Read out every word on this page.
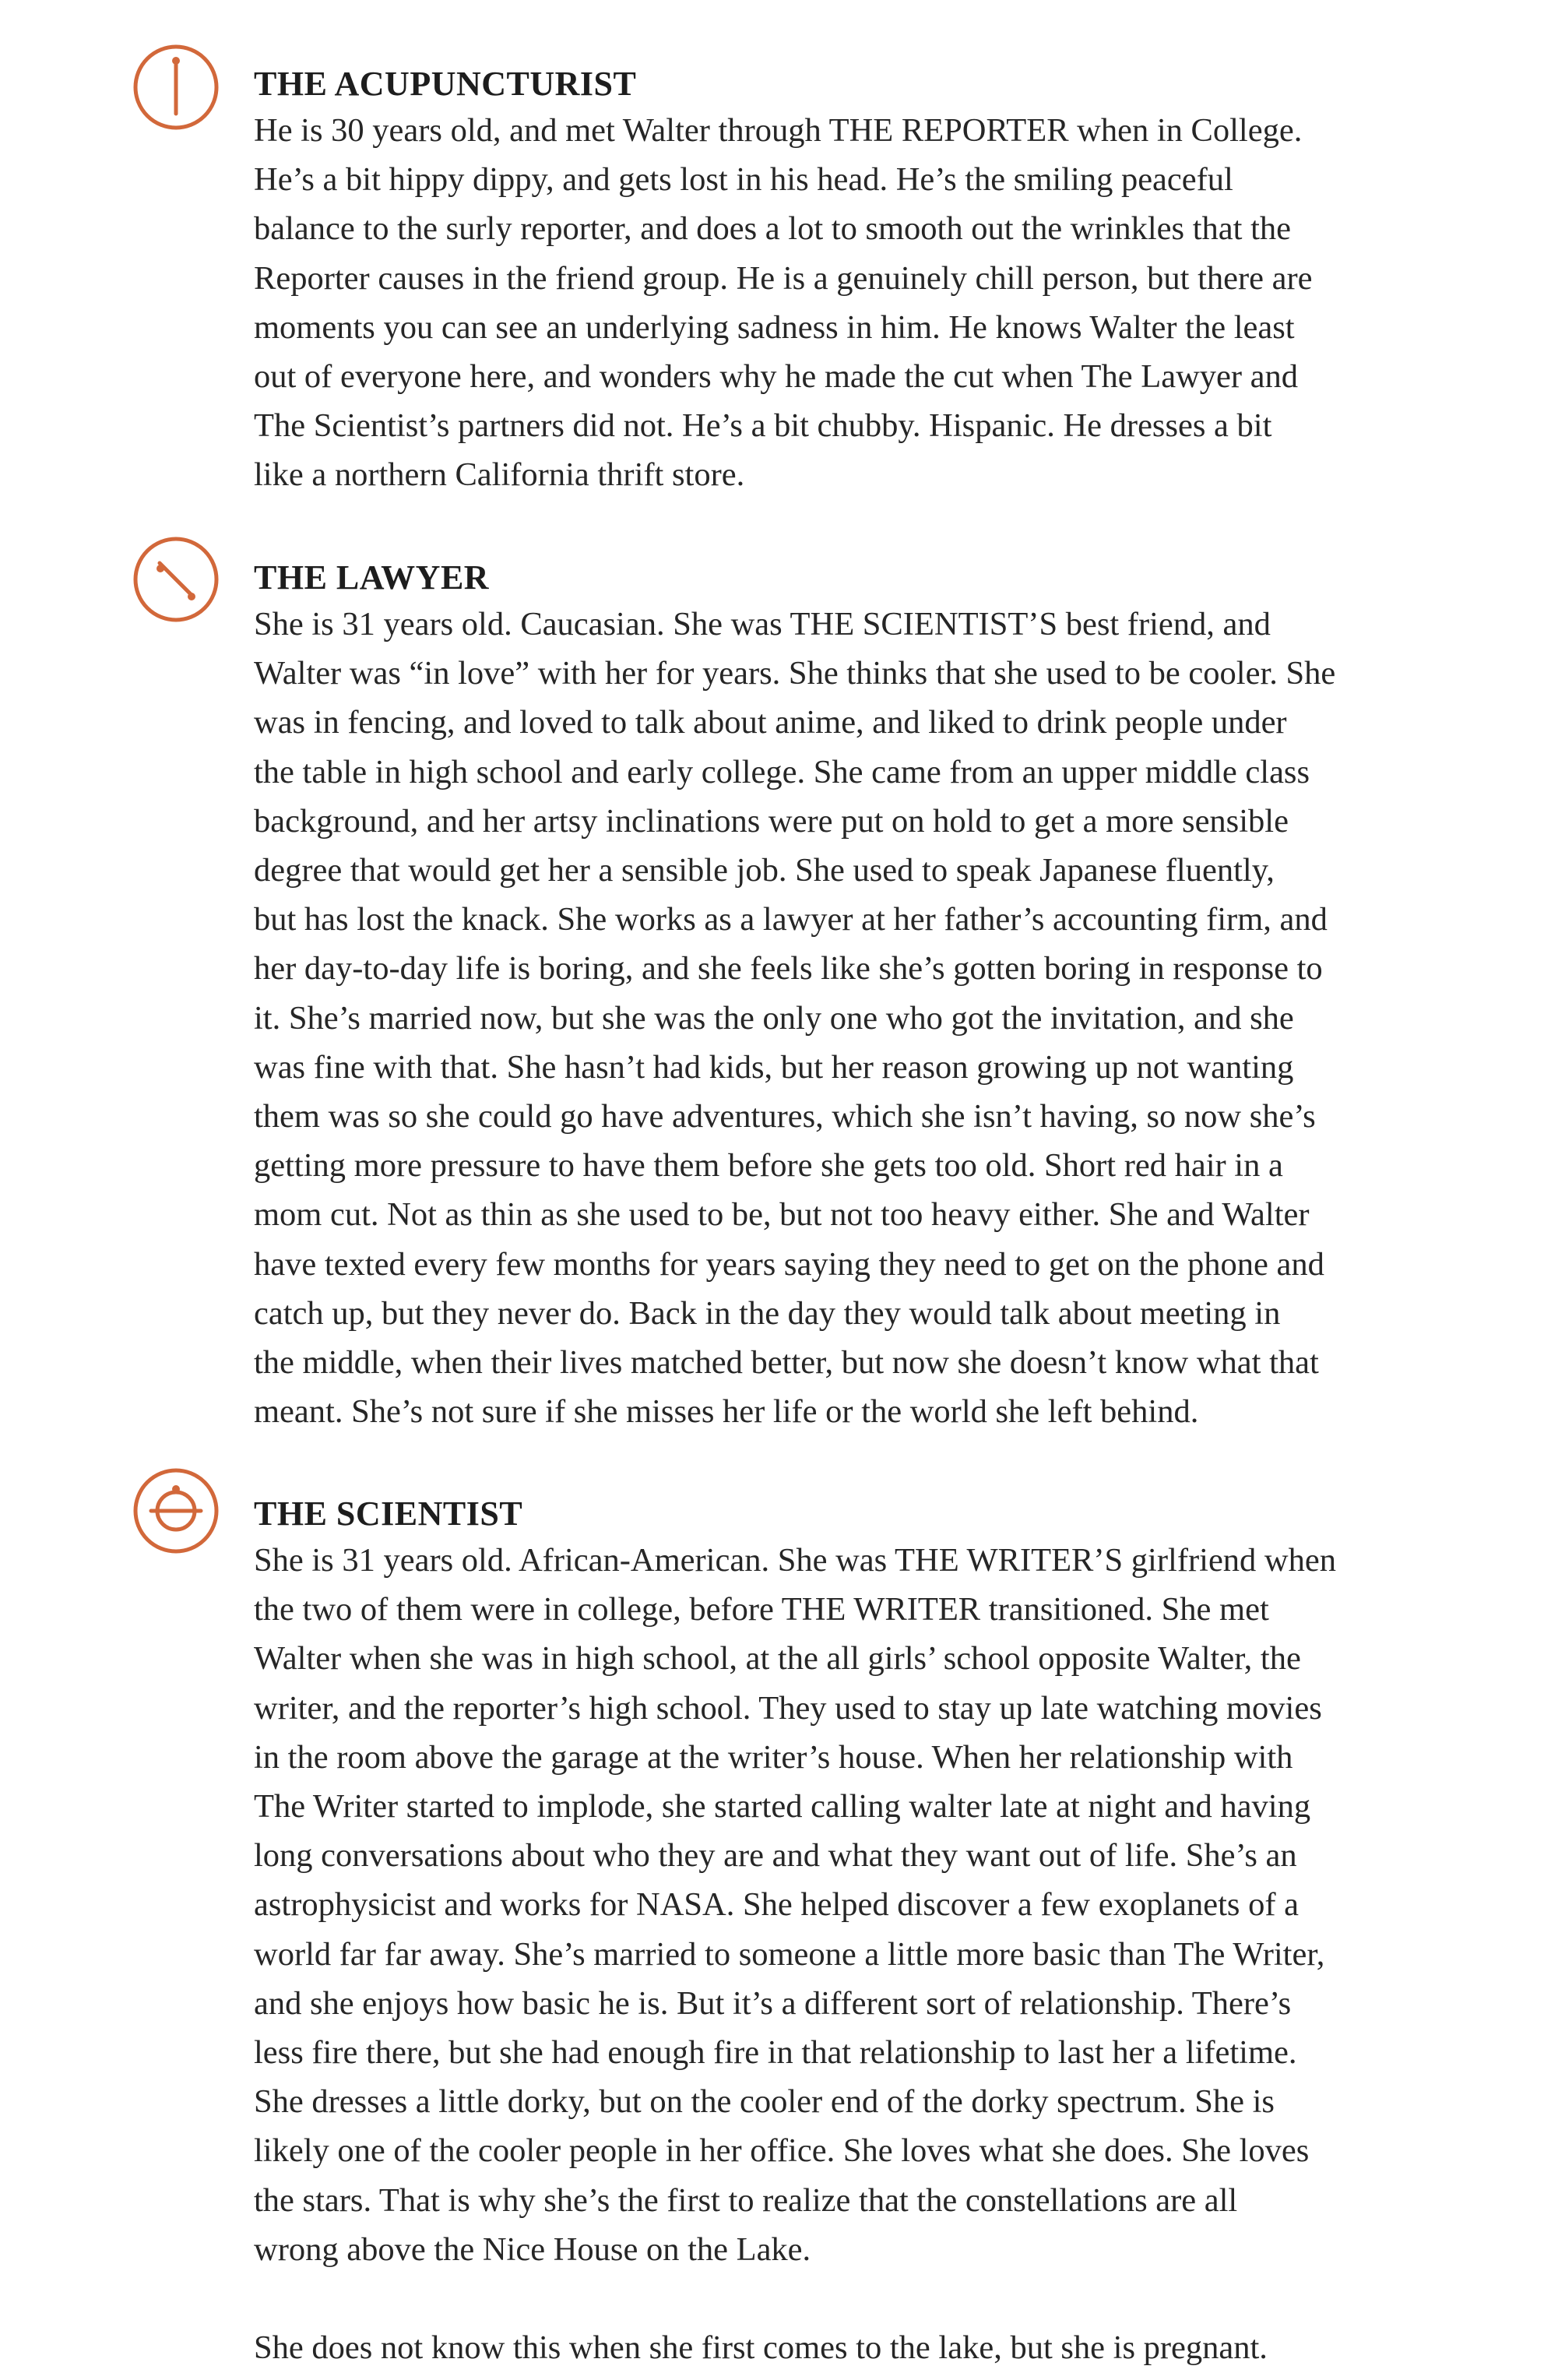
THE ACUPUNCTURIST
He is 30 years old, and met Walter through THE REPORTER when in College.
He’s a bit hippy dippy, and gets lost in his head. He’s the smiling peaceful
balance to the surly reporter, and does a lot to smooth out the wrinkles that the
Reporter causes in the friend group. He is a genuinely chill person, but there are
moments you can see an underlying sadness in him. He knows Walter the least
out of everyone here, and wonders why he made the cut when The Lawyer and
The Scientist’s partners did not. He’s a bit chubby. Hispanic. He dresses a bit
like a northern California thrift store.
THE LAWYER
She is 31 years old. Caucasian. She was THE SCIENTIST’S best friend, and
Walter was “in love” with her for years. She thinks that she used to be cooler. She
was in fencing, and loved to talk about anime, and liked to drink people under
the table in high school and early college. She came from an upper middle class
background, and her artsy inclinations were put on hold to get a more sensible
degree that would get her a sensible job. She used to speak Japanese fluently,
but has lost the knack. She works as a lawyer at her father’s accounting firm, and
her day-to-day life is boring, and she feels like she’s gotten boring in response to
it. She’s married now, but she was the only one who got the invitation, and she
was fine with that. She hasn’t had kids, but her reason growing up not wanting
them was so she could go have adventures, which she isn’t having, so now she’s
getting more pressure to have them before she gets too old. Short red hair in a
mom cut. Not as thin as she used to be, but not too heavy either. She and Walter
have texted every few months for years saying they need to get on the phone and
catch up, but they never do. Back in the day they would talk about meeting in
the middle, when their lives matched better, but now she doesn’t know what that
meant. She’s not sure if she misses her life or the world she left behind.
THE SCIENTIST
She is 31 years old. African-American. She was THE WRITER’S girlfriend when
the two of them were in college, before THE WRITER transitioned. She met
Walter when she was in high school, at the all girls’ school opposite Walter, the
writer, and the reporter’s high school. They used to stay up late watching movies
in the room above the garage at the writer’s house. When her relationship with
The Writer started to implode, she started calling walter late at night and having
long conversations about who they are and what they want out of life. She’s an
astrophysicist and works for NASA. She helped discover a few exoplanets of a
world far far away. She’s married to someone a little more basic than The Writer,
and she enjoys how basic he is. But it’s a different sort of relationship. There’s
less fire there, but she had enough fire in that relationship to last her a lifetime.
She dresses a little dorky, but on the cooler end of the dorky spectrum. She is
likely one of the cooler people in her office. She loves what she does. She loves
the stars. That is why she’s the first to realize that the constellations are all
wrong above the Nice House on the Lake.
She does not know this when she first comes to the lake, but she is pregnant.
